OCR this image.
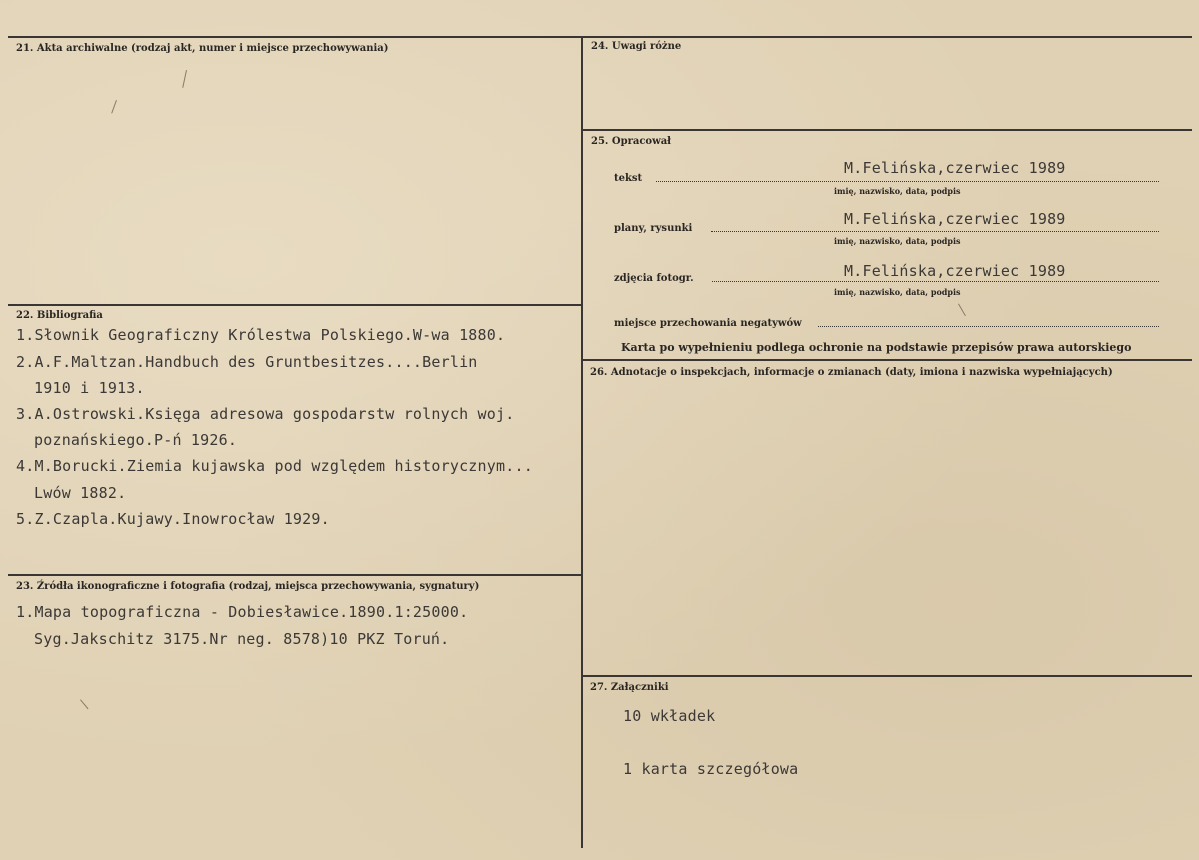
21. Akta archiwalne (rodzaj akt, numer i miejsce przechowywania)
22. Bibliografia
1.Słownik Geograficzny Królestwa Polskiego.W-wa 1880.
2.A.F.Maltzan.Handbuch des Gruntbesitzes....Berlin
1910 i 1913.
3.A.Ostrowski.Księga adresowa gospodarstw rolnych woj.
poznańskiego.P-ń 1926.
4.M.Borucki.Ziemia kujawska pod względem historycznym...
Lwów 1882.
5.Z.Czapla.Kujawy.Inowrocław 1929.
23. Źródła ikonograficzne i fotografia (rodzaj, miejsca przechowywania, sygnatury)
1.Mapa topograficzna - Dobiesławice.1890.1:25000.
Syg.Jakschitz 3175.Nr neg. 8578)10 PKZ Toruń.
24. Uwagi różne
25. Opracował
tekst
M.Felińska,czerwiec 1989
imię, nazwisko, data, podpis
plany, rysunki
M.Felińska,czerwiec 1989
imię, nazwisko, data, podpis
zdjęcia fotogr.	M.Felińska,czerwiec 1989
imię, nazwisko, data, podpis
miejsce przechowania negatywów
Karta po wypełnieniu podlega ochronie na podstawie przepisów prawa autorskiego
26. Adnotacje o inspekcjach, informacje o zmianach (daty, imiona i nazwiska wypełniających)
27. Załączniki
10 wkładek
1 karta szczegółowa
